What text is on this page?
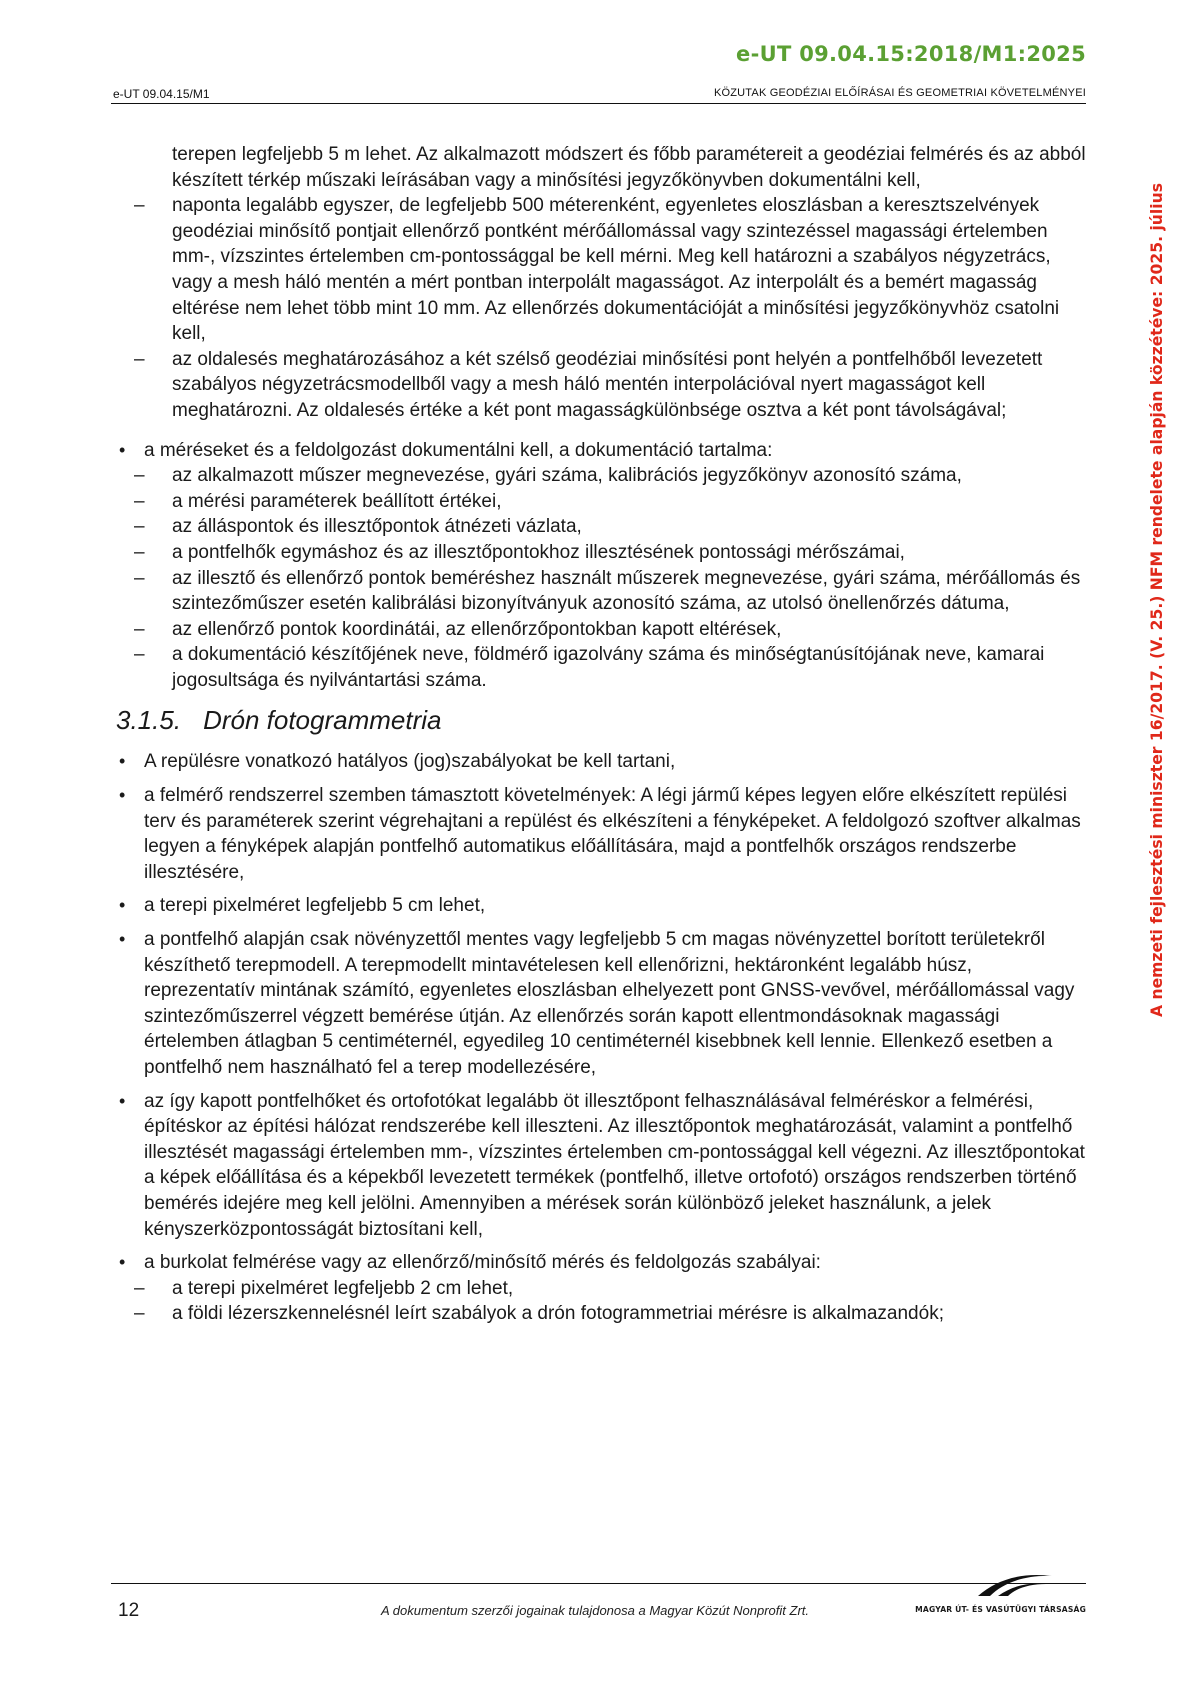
e-UT 09.04.15:2018/M1:2025
e-UT 09.04.15/M1	KÖZUTAK GEODÉZIAI ELŐÍRÁSAI ÉS GEOMETRIAI KÖVETELMÉNYEI
A nemzeti fejlesztési miniszter 16/2017. (V. 25.) NFM rendelete alapján közzétéve: 2025. július

terepen legfeljebb 5 m lehet. Az alkalmazott módszert és főbb paramétereit a geodéziai felmérés és az abból készített térkép műszaki leírásában vagy a minősítési jegyzőkönyvben dokumentálni kell,

– naponta legalább egyszer, de legfeljebb 500 méterenként, egyenletes eloszlásban a keresztszelvények geodéziai minősítő pontjait ellenőrző pontként mérőállomással vagy szintezéssel magassági értelemben mm-, vízszintes értelemben cm-pontossággal be kell mérni. Meg kell határozni a szabályos négyzetrács, vagy a mesh háló mentén a mért pontban interpolált magasságot. Az interpolált és a bemért magasság eltérése nem lehet több mint 10 mm. Az ellenőrzés dokumentációját a minősítési jegyzőkönyvhöz csatolni kell,
– az oldalesés meghatározásához a két szélső geodéziai minősítési pont helyén a pontfelhőből levezetett szabályos négyzetrácsmodellből vagy a mesh háló mentén interpolációval nyert magasságot kell meghatározni. Az oldalesés értéke a két pont magasságkülönbsége osztva a két pont távolságával;
• a méréseket és a feldolgozást dokumentálni kell, a dokumentáció tartalma:
– az alkalmazott műszer megnevezése, gyári száma, kalibrációs jegyzőkönyv azonosító száma,
– a mérési paraméterek beállított értékei,
– az álláspontok és illesztőpontok átnézeti vázlata,
– a pontfelhők egymáshoz és az illesztőpontokhoz illesztésének pontossági mérőszámai,
– az illesztő és ellenőrző pontok beméréshez használt műszerek megnevezése, gyári száma, mérőállomás és szintezőműszer esetén kalibrálási bizonyítványuk azonosító száma, az utolsó önellenőrzés dátuma,
– az ellenőrző pontok koordinátái, az ellenőrzőpontokban kapott eltérések,
– a dokumentáció készítőjének neve, földmérő igazolvány száma és minőségtanúsítójának neve, kamarai jogosultsága és nyilvántartási száma.
3.1.5. Drón fotogrammetria
• A repülésre vonatkozó hatályos (jog)szabályokat be kell tartani,
• a felmérő rendszerrel szemben támasztott követelmények: A légi jármű képes legyen előre elkészített repülési terv és paraméterek szerint végrehajtani a repülést és elkészíteni a fényképeket. A feldolgozó szoftver alkalmas legyen a fényképek alapján pontfelhő automatikus előállítására, majd a pontfelhők országos rendszerbe illesztésére,
• a terepi pixelméret legfeljebb 5 cm lehet,
• a pontfelhő alapján csak növényzettől mentes vagy legfeljebb 5 cm magas növényzettel borított területekről készíthető terepmodell. A terepmodellt mintavételesen kell ellenőrizni, hektáronként legalább húsz, reprezentatív mintának számító, egyenletes eloszlásban elhelyezett pont GNSS-vevővel, mérőállomással vagy szintezőműszerrel végzett bemérése útján. Az ellenőrzés során kapott ellentmondásoknak magassági értelemben átlagban 5 centiméternél, egyedileg 10 centiméternél kisebbnek kell lennie. Ellenkező esetben a pontfelhő nem használható fel a terep modellezésére,
• az így kapott pontfelhőket és ortofotókat legalább öt illesztőpont felhasználásával felméréskor a felmérési, építéskor az építési hálózat rendszerébe kell illeszteni. Az illesztőpontok meghatározását, valamint a pontfelhő illesztését magassági értelemben mm-, vízszintes értelemben cm-pontossággal kell végezni. Az illesztőpontokat a képek előállítása és a képekből levezetett termékek (pontfelhő, illetve ortofotó) országos rendszerben történő bemérés idejére meg kell jelölni. Amennyiben a mérések során különböző jeleket használunk, a jelek kényszerközpontosságát biztosítani kell,
• a burkolat felmérése vagy az ellenőrző/minősítő mérés és feldolgozás szabályai:
– a terepi pixelméret legfeljebb 2 cm lehet,
– a földi lézerszkennelésnél leírt szabályok a drón fotogrammetriai mérésre is alkalmazandók;
12	A dokumentum szerzői jogainak tulajdonosa a Magyar Közút Nonprofit Zrt.	MAGYAR ÚT- ÉS VASÚTÜGYI TÁRSASÁG
